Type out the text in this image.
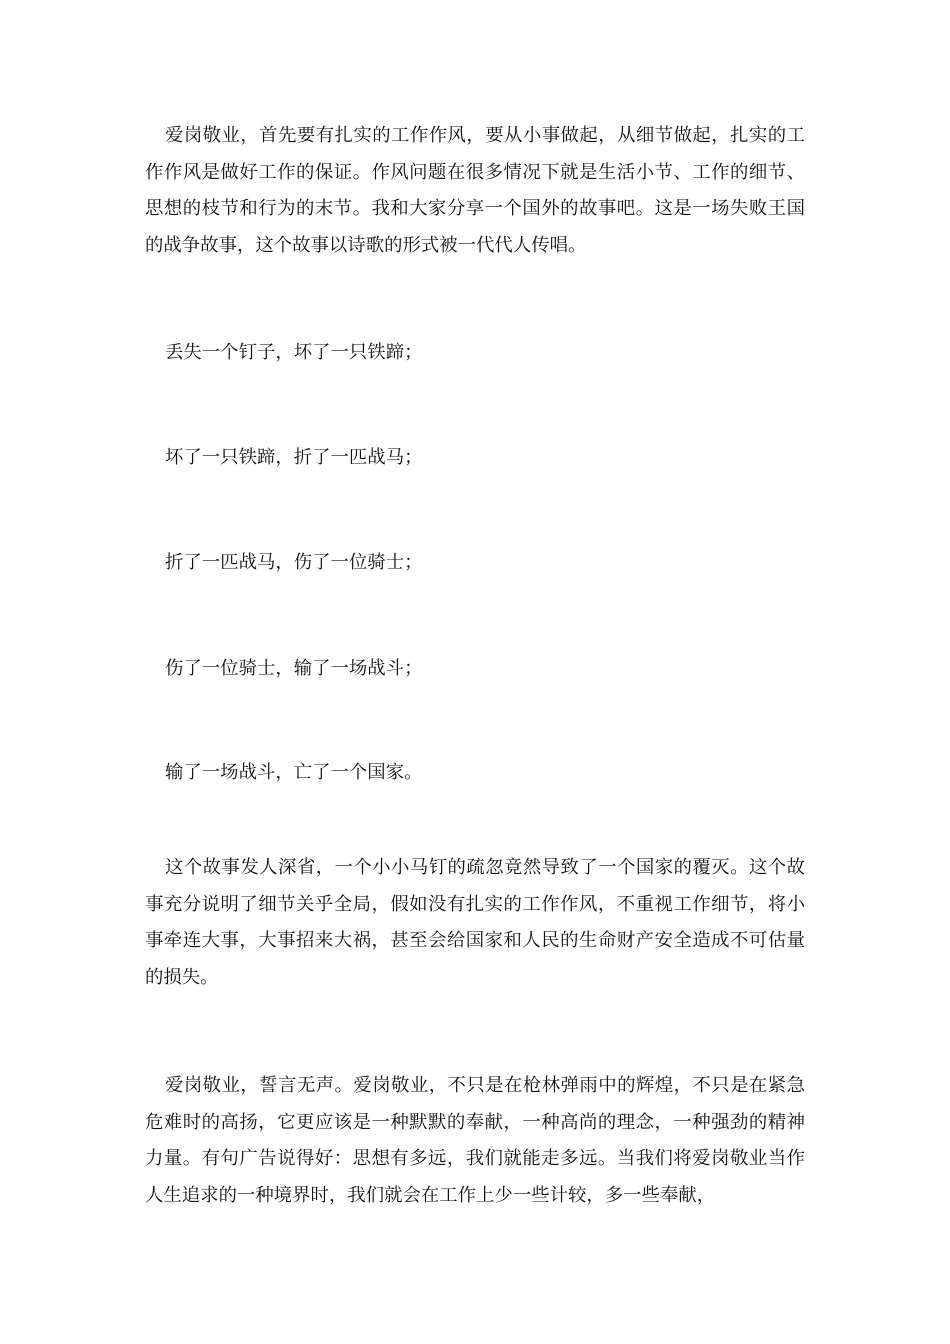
爱岗敬业，首先要有扎实的工作作风，要从小事做起，从细节做起，扎实的工作作风是做好工作的保证。作风问题在很多情况下就是生活小节、工作的细节、思想的枝节和行为的末节。我和大家分享一个国外的故事吧。这是一场失败王国的战争故事，这个故事以诗歌的形式被一代代人传唱。

丢失一个钉子，坏了一只铁蹄；

坏了一只铁蹄，折了一匹战马；

折了一匹战马，伤了一位骑士；

伤了一位骑士，输了一场战斗；

输了一场战斗，亡了一个国家。

这个故事发人深省，一个小小马钉的疏忽竟然导致了一个国家的覆灭。这个故事充分说明了细节关乎全局，假如没有扎实的工作作风，不重视工作细节，将小事牵连大事，大事招来大祸，甚至会给国家和人民的生命财产安全造成不可估量的损失。

爱岗敬业，誓言无声。爱岗敬业，不只是在枪林弹雨中的辉煌，不只是在紧急危难时的高扬，它更应该是一种默默的奉献，一种高尚的理念，一种强劲的精神力量。有句广告说得好：思想有多远，我们就能走多远。当我们将爱岗敬业当作人生追求的一种境界时，我们就会在工作上少一些计较，多一些奉献，
